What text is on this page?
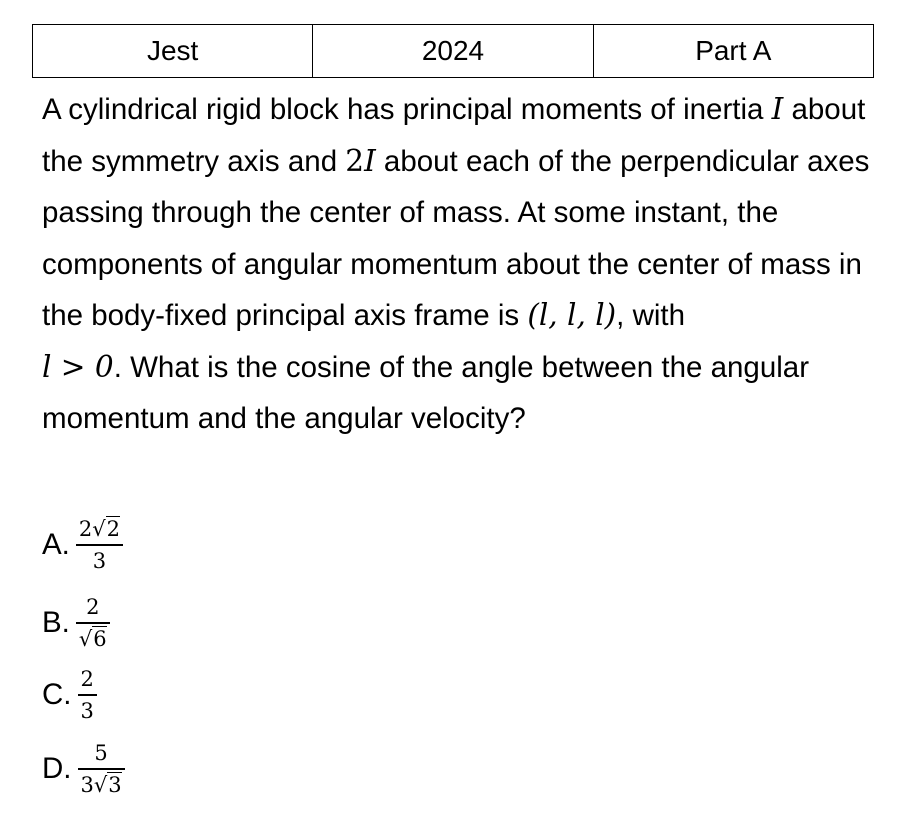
Jest	2024	Part A
A cylindrical rigid block has principal moments of inertia I about the symmetry axis and 2I about each of the perpendicular axes passing through the center of mass. At some instant, the components of angular momentum about the center of mass in the body-fixed principal axis frame is (l, l, l), with
l > 0. What is the cosine of the angle between the angular momentum and the angular velocity?
A. $\frac{2√2}{3}$
B. $\frac{2}{√6}$
C. $\frac{2}{3}$
D. $\frac{5}{3√3}$
